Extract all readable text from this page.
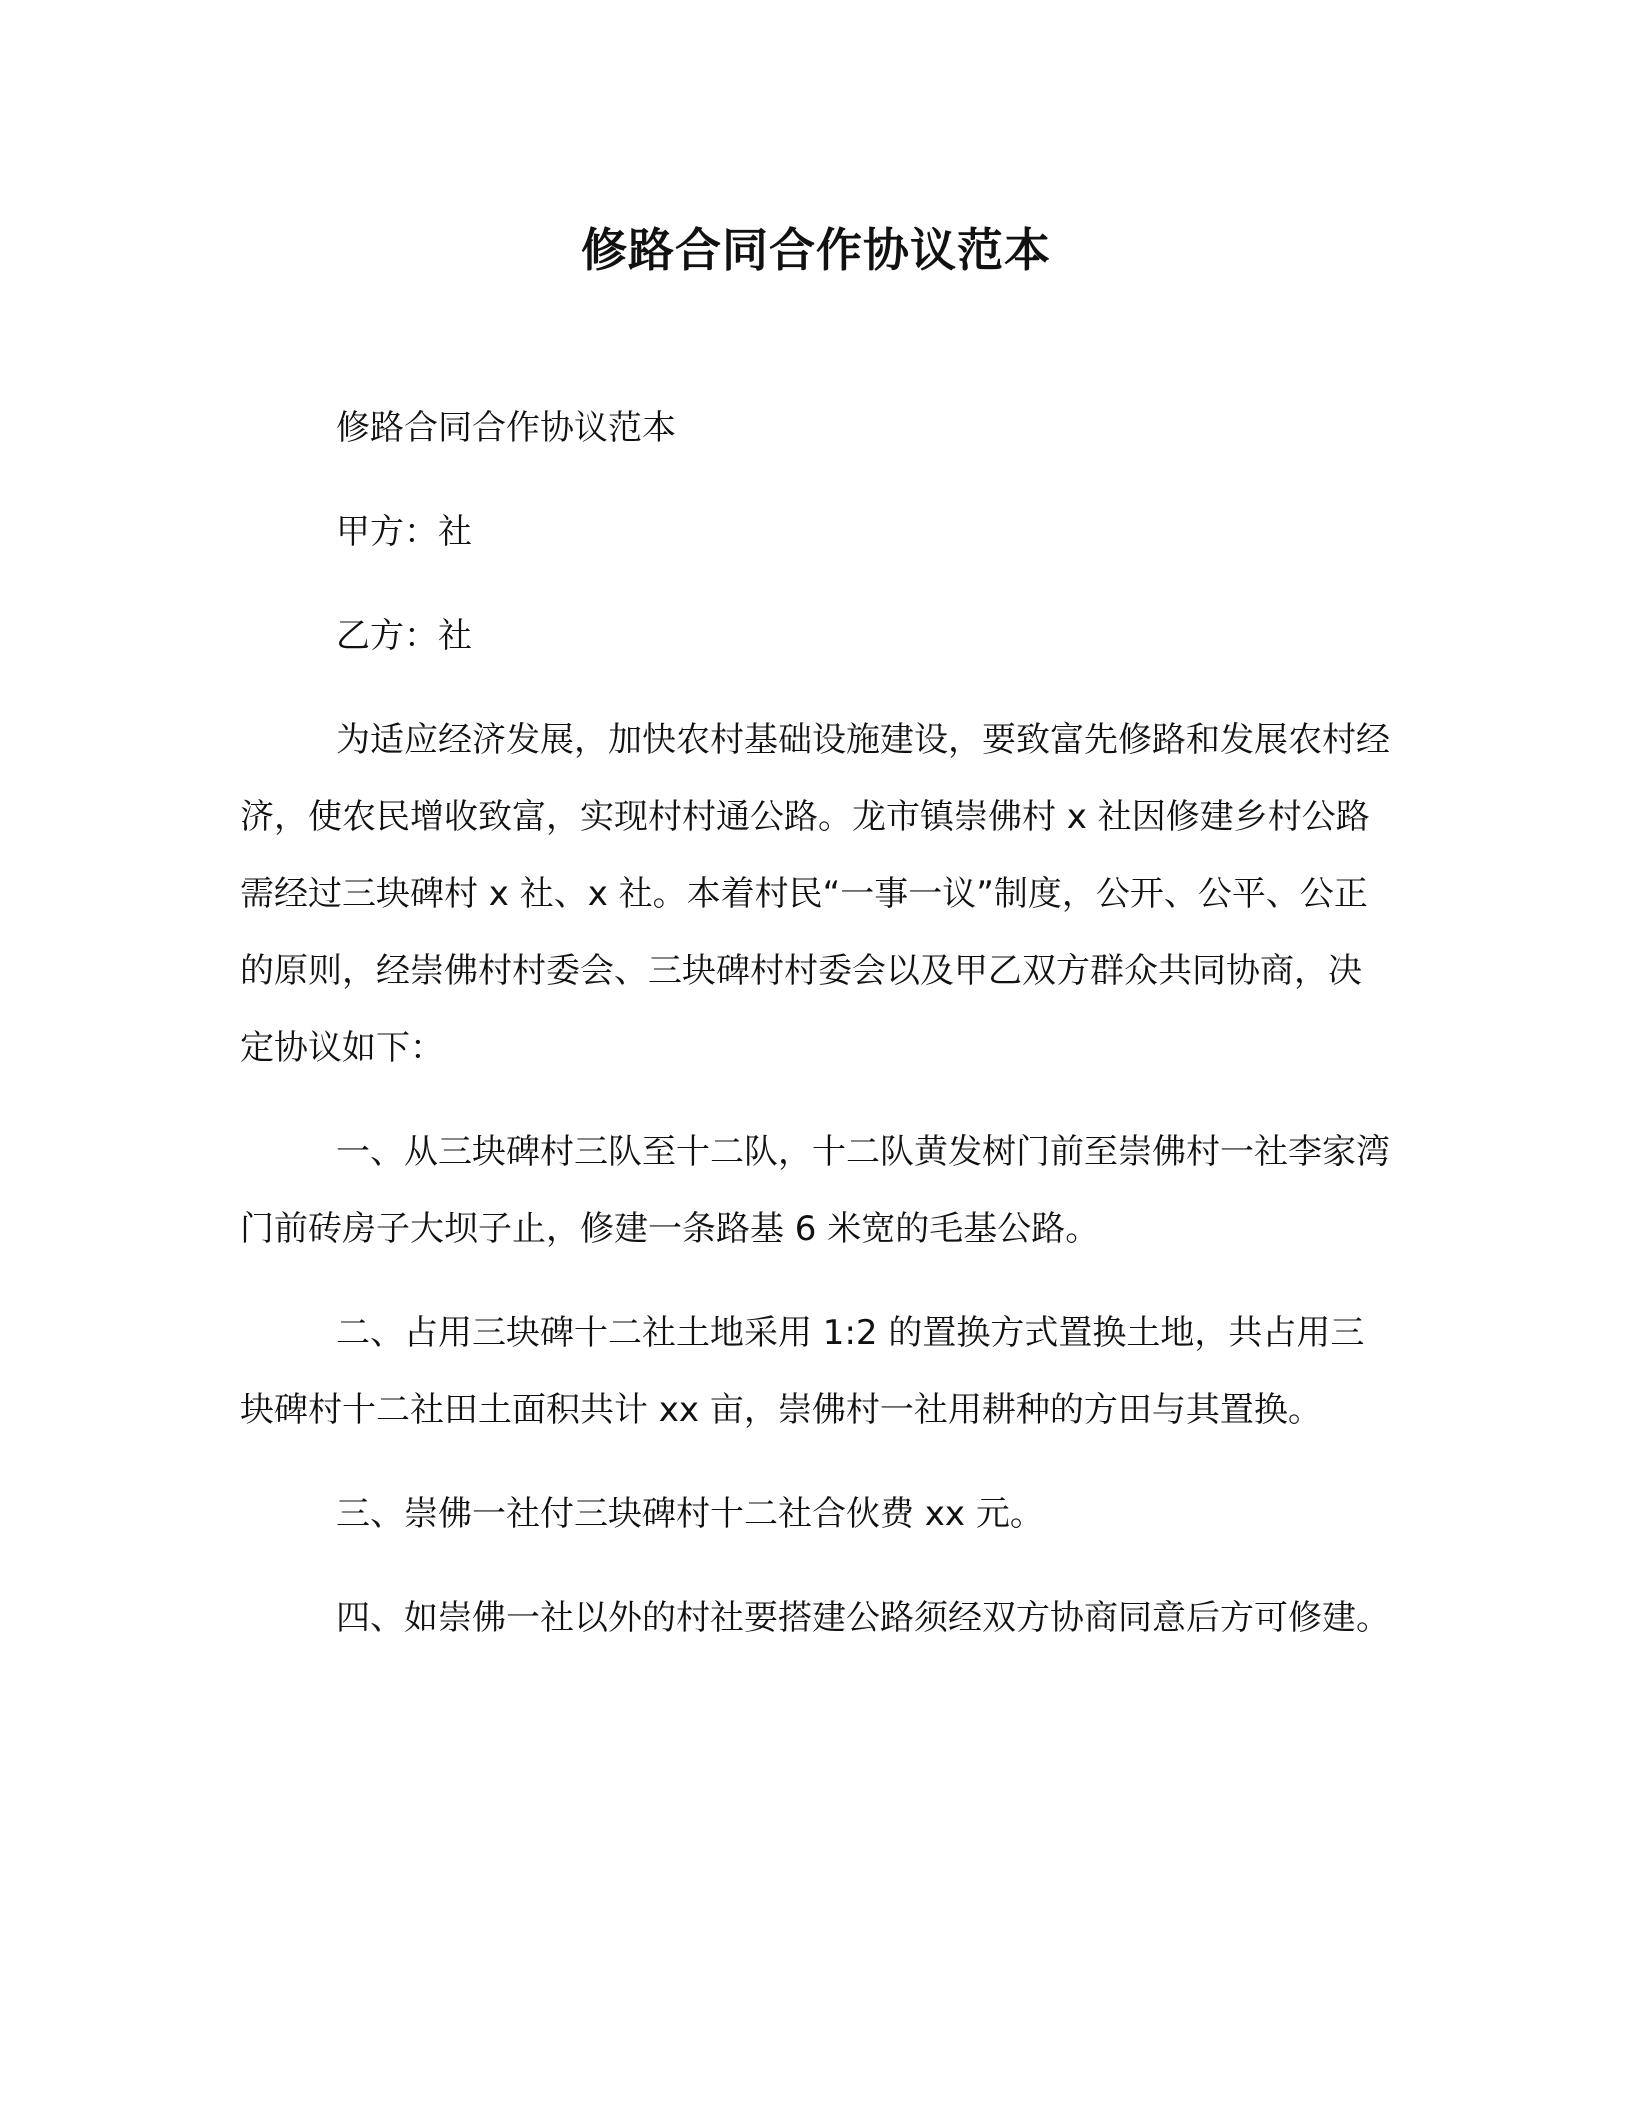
修路合同合作协议范本

修路合同合作协议范本

甲方：社

乙方：社

为适应经济发展，加快农村基础设施建设，要致富先修路和发展农村经济，使农民增收致富，实现村村通公路。龙市镇崇佛村 x 社因修建乡村公路需经过三块碑村 x 社、x 社。本着村民“一事一议”制度，公开、公平、公正的原则，经崇佛村村委会、三块碑村村委会以及甲乙双方群众共同协商，决定协议如下：

一、从三块碑村三队至十二队，十二队黄发树门前至崇佛村一社李家湾门前砖房子大坝子止，修建一条路基 6 米宽的毛基公路。

二、占用三块碑十二社土地采用 1:2 的置换方式置换土地，共占用三块碑村十二社田土面积共计 xx 亩，崇佛村一社用耕种的方田与其置换。

三、崇佛一社付三块碑村十二社合伙费 xx 元。

四、如崇佛一社以外的村社要搭建公路须经双方协商同意后方可修建。
